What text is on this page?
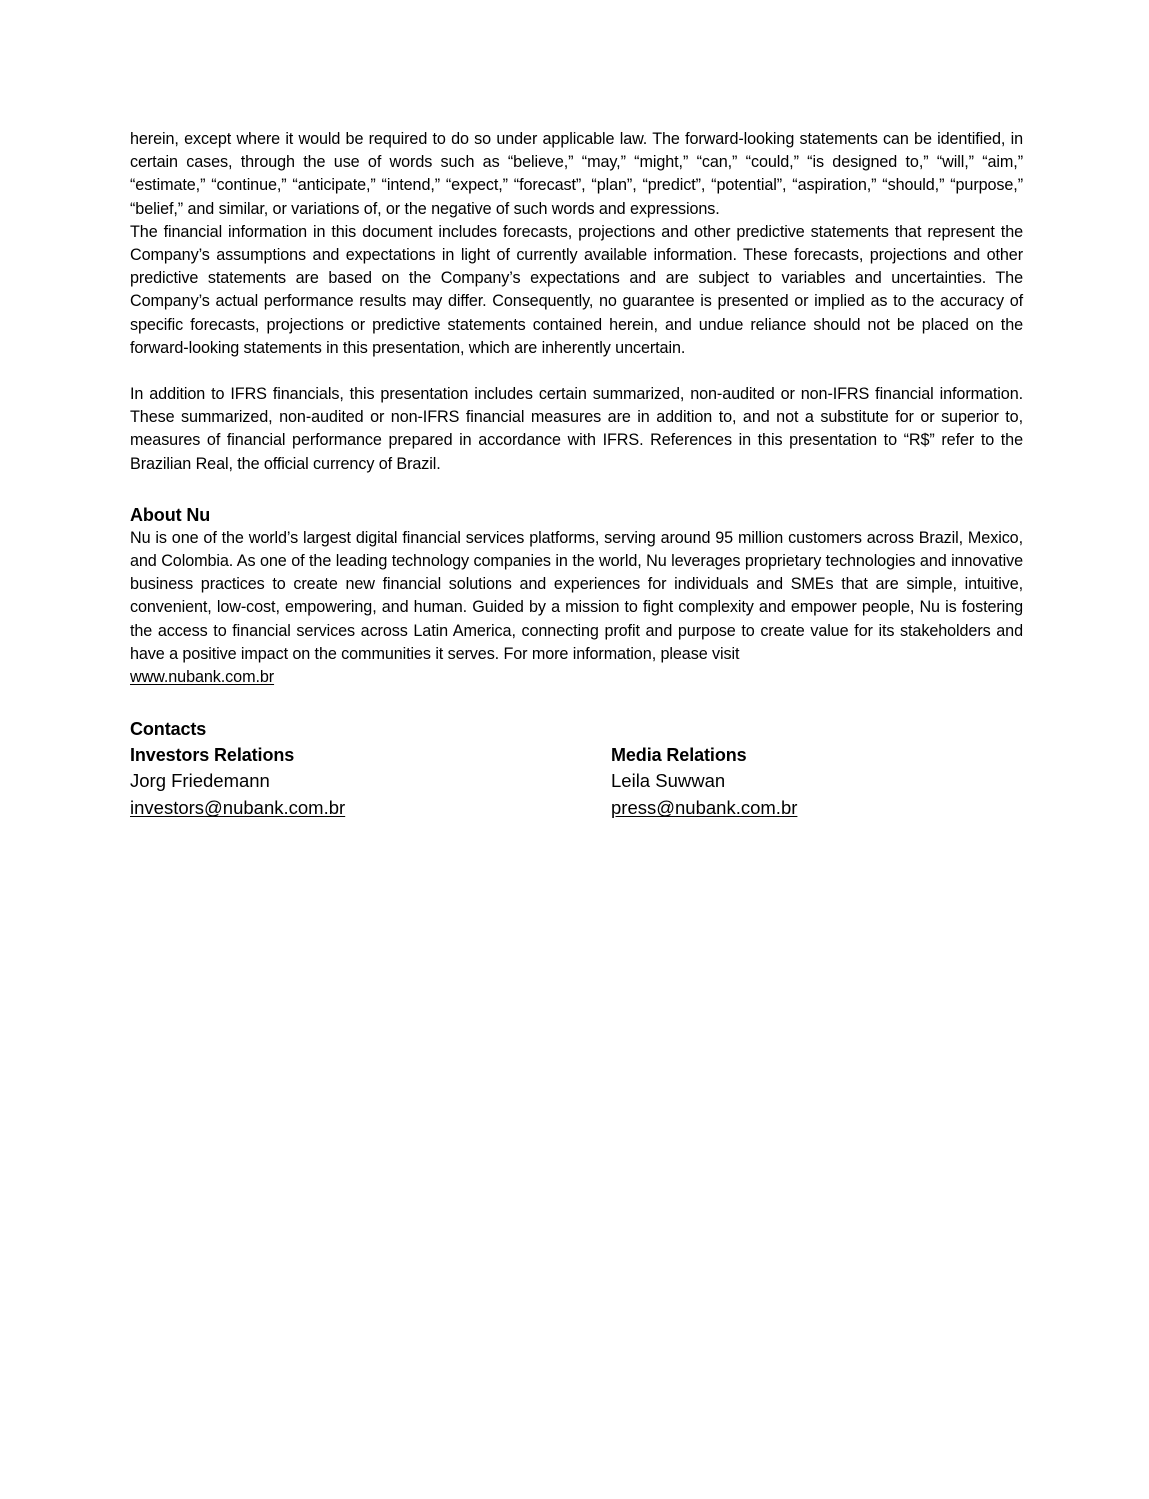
herein, except where it would be required to do so under applicable law. The forward-looking statements can be identified, in certain cases, through the use of words such as “believe,” “may,” “might,” “can,” “could,” “is designed to,” “will,” “aim,” “estimate,” “continue,” “anticipate,” “intend,” “expect,” “forecast”, “plan”, “predict”, “potential”, “aspiration,” “should,” “purpose,” “belief,” and similar, or variations of, or the negative of such words and expressions.

The financial information in this document includes forecasts, projections and other predictive statements that represent the Company’s assumptions and expectations in light of currently available information. These forecasts, projections and other predictive statements are based on the Company’s expectations and are subject to variables and uncertainties. The Company’s actual performance results may differ. Consequently, no guarantee is presented or implied as to the accuracy of specific forecasts, projections or predictive statements contained herein, and undue reliance should not be placed on the forward-looking statements in this presentation, which are inherently uncertain.

In addition to IFRS financials, this presentation includes certain summarized, non-audited or non-IFRS financial information. These summarized, non-audited or non-IFRS financial measures are in addition to, and not a substitute for or superior to, measures of financial performance prepared in accordance with IFRS. References in this presentation to “R$” refer to the Brazilian Real, the official currency of Brazil.

About Nu

Nu is one of the world’s largest digital financial services platforms, serving around 95 million customers across Brazil, Mexico, and Colombia. As one of the leading technology companies in the world, Nu leverages proprietary technologies and innovative business practices to create new financial solutions and experiences for individuals and SMEs that are simple, intuitive, convenient, low-cost, empowering, and human. Guided by a mission to fight complexity and empower people, Nu is fostering the access to financial services across Latin America, connecting profit and purpose to create value for its stakeholders and have a positive impact on the communities it serves. For more information, please visit
www.nubank.com.br

Contacts
Investors Relations
Jorg Friedemann
investors@nubank.com.br
Media Relations
Leila Suwwan
press@nubank.com.br
